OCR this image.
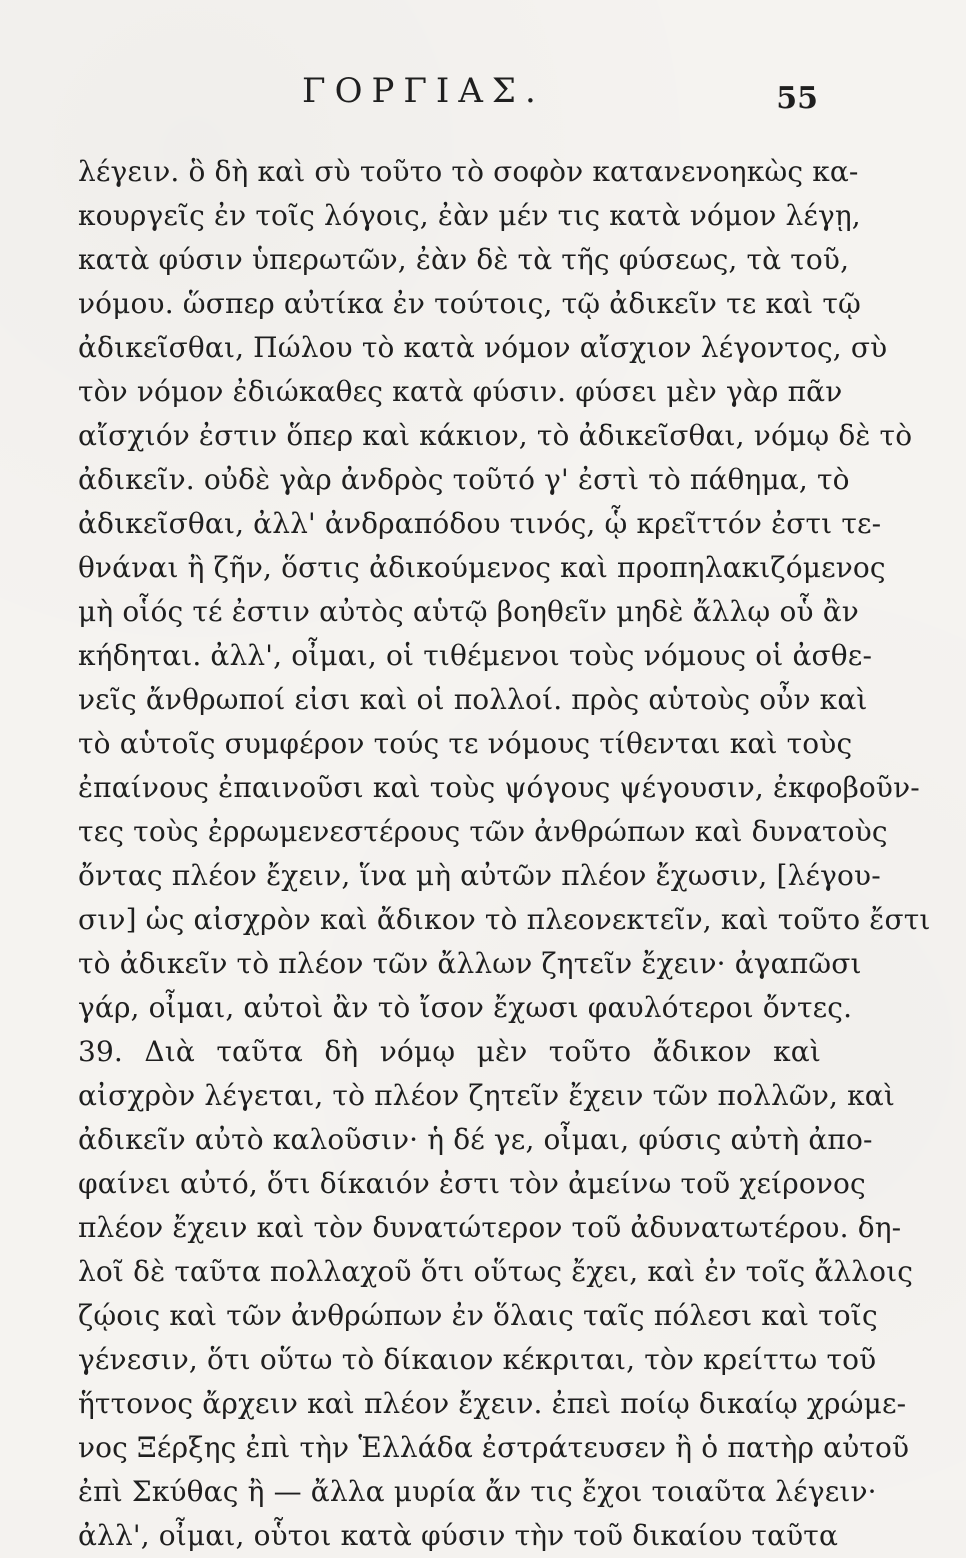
ΓΟΡΓΙΑΣ.	55
λέγειν. ὃ δὴ καὶ σὺ τοῦτο τὸ σοφὸν κατανενοηκὼς κα-
κουργεῖς ἐν τοῖς λόγοις, ἐὰν μέν τις κατὰ νόμον λέγῃ,
κατὰ φύσιν ὑπερωτῶν, ἐὰν δὲ τὰ τῆς φύσεως, τὰ τοῦ,
νόμου. ὥσπερ αὐτίκα ἐν τούτοις, τῷ ἀδικεῖν τε καὶ τῷ
ἀδικεῖσθαι, Πώλου τὸ κατὰ νόμον αἴσχιον λέγοντος, σὺ
τὸν νόμον ἐδιώκαθες κατὰ φύσιν. φύσει μὲν γὰρ πᾶν
αἴσχιόν ἐστιν ὅπερ καὶ κάκιον, τὸ ἀδικεῖσθαι, νόμῳ δὲ τὸ
ἀδικεῖν. οὐδὲ γὰρ ἀνδρὸς τοῦτό γ' ἐστὶ τὸ πάθημα, τὸ
ἀδικεῖσθαι, ἀλλ' ἀνδραπόδου τινός, ᾧ κρεῖττόν ἐστι τε-
θνάναι ἢ ζῆν, ὅστις ἀδικούμενος καὶ προπηλακιζόμενος
μὴ οἷός τέ ἐστιν αὐτὸς αὑτῷ βοηθεῖν μηδὲ ἄλλῳ οὗ ἂν
κήδηται. ἀλλ', οἶμαι, οἱ τιθέμενοι τοὺς νόμους οἱ ἀσθε-
νεῖς ἄνθρωποί εἰσι καὶ οἱ πολλοί. πρὸς αὑτοὺς οὖν καὶ
τὸ αὑτοῖς συμφέρον τούς τε νόμους τίθενται καὶ τοὺς
ἐπαίνους ἐπαινοῦσι καὶ τοὺς ψόγους ψέγουσιν, ἐκφοβοῦν-
τες τοὺς ἐρρωμενεστέρους τῶν ἀνθρώπων καὶ δυνατοὺς
ὄντας πλέον ἔχειν, ἵνα μὴ αὐτῶν πλέον ἔχωσιν, [λέγου-
σιν] ὡς αἰσχρὸν καὶ ἄδικον τὸ πλεονεκτεῖν, καὶ τοῦτο ἔστι
τὸ ἀδικεῖν τὸ πλέον τῶν ἄλλων ζητεῖν ἔχειν· ἀγαπῶσι
γάρ, οἶμαι, αὐτοὶ ἂν τὸ ἴσον ἔχωσι φαυλότεροι ὄντες.
39. Διὰ ταῦτα δὴ νόμῳ μὲν τοῦτο ἄδικον καὶ
αἰσχρὸν λέγεται, τὸ πλέον ζητεῖν ἔχειν τῶν πολλῶν, καὶ
ἀδικεῖν αὐτὸ καλοῦσιν· ἡ δέ γε, οἶμαι, φύσις αὐτὴ ἀπο-
φαίνει αὐτό, ὅτι δίκαιόν ἐστι τὸν ἀμείνω τοῦ χείρονος
πλέον ἔχειν καὶ τὸν δυνατώτερον τοῦ ἀδυνατωτέρου. δη-
λοῖ δὲ ταῦτα πολλαχοῦ ὅτι οὕτως ἔχει, καὶ ἐν τοῖς ἄλλοις
ζῴοις καὶ τῶν ἀνθρώπων ἐν ὅλαις ταῖς πόλεσι καὶ τοῖς
γένεσιν, ὅτι οὕτω τὸ δίκαιον κέκριται, τὸν κρείττω τοῦ
ἥττονος ἄρχειν καὶ πλέον ἔχειν. ἐπεὶ ποίῳ δικαίῳ χρώμε-
νος Ξέρξης ἐπὶ τὴν Ἑλλάδα ἐστράτευσεν ἢ ὁ πατὴρ αὐτοῦ
ἐπὶ Σκύθας ἢ — ἄλλα μυρία ἄν τις ἔχοι τοιαῦτα λέγειν·
ἀλλ', οἶμαι, οὗτοι κατὰ φύσιν τὴν τοῦ δικαίου ταῦτα
